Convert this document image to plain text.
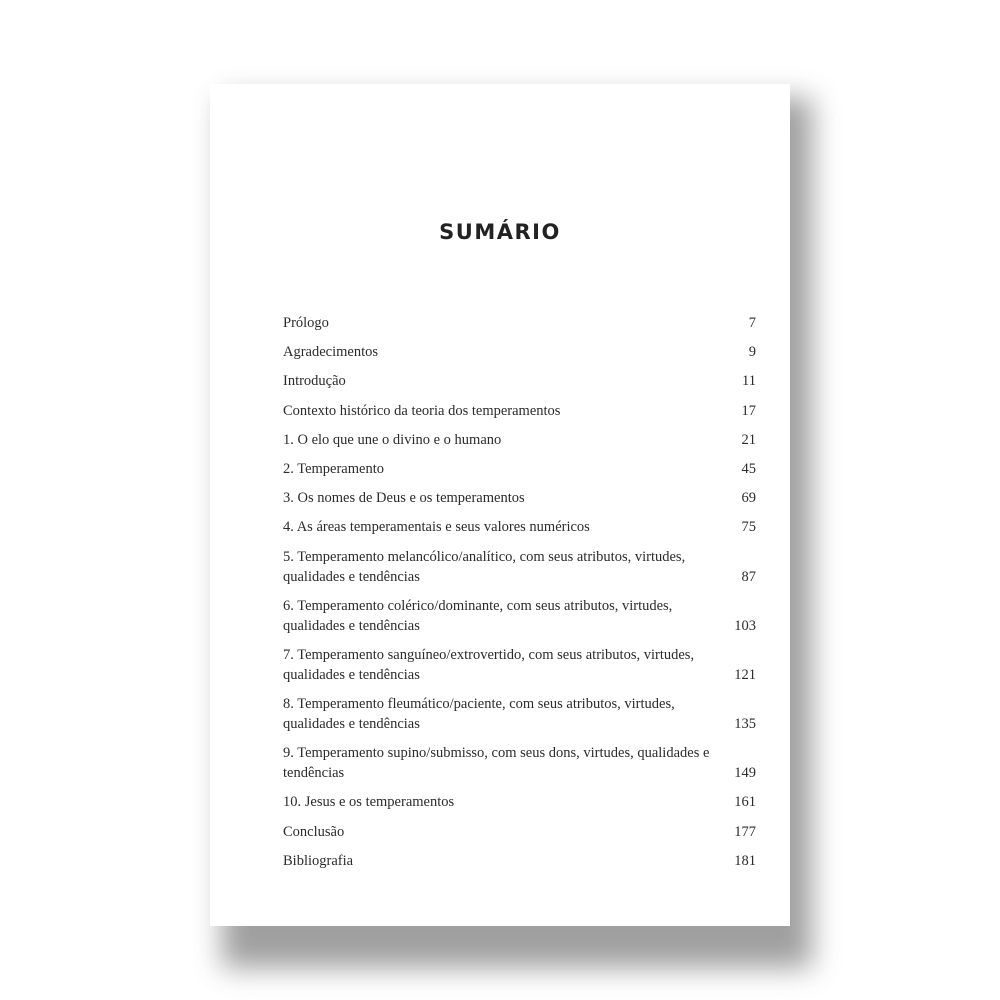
SUMÁRIO
Prólogo	7
Agradecimentos	9
Introdução	11
Contexto histórico da teoria dos temperamentos	17
1. O elo que une o divino e o humano	21
2. Temperamento	45
3. Os nomes de Deus e os temperamentos	69
4. As áreas temperamentais e seus valores numéricos	75
5. Temperamento melancólico/analítico, com seus atributos, virtudes, qualidades e tendências	87
6. Temperamento colérico/dominante, com seus atributos, virtudes, qualidades e tendências	103
7. Temperamento sanguíneo/extrovertido, com seus atributos, virtudes, qualidades e tendências	121
8. Temperamento fleumático/paciente, com seus atributos, virtudes, qualidades e tendências	135
9. Temperamento supino/submisso, com seus dons, virtudes, qualidades e tendências	149
10. Jesus e os temperamentos	161
Conclusão	177
Bibliografia	181
